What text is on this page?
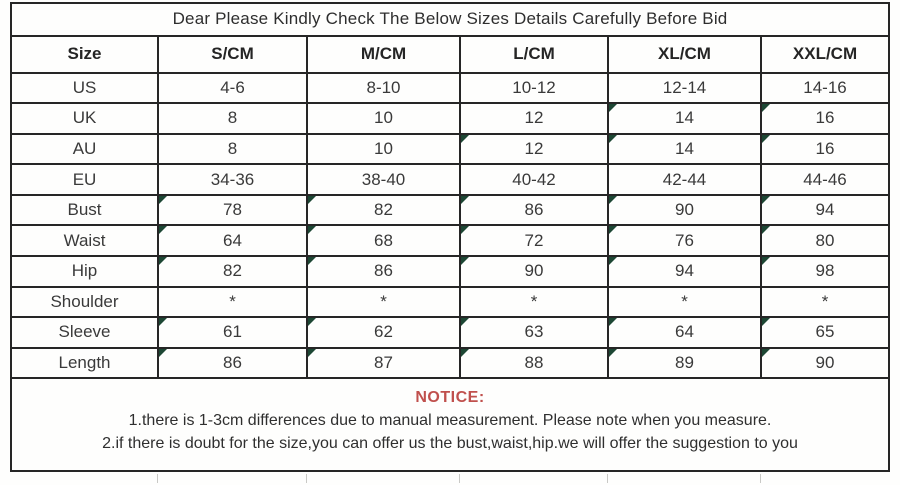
Dear Please Kindly Check The Below Sizes Details Carefully Before Bid					
Size	S/CM	M/CM	L/CM	XL/CM	XXL/CM
US	4-6	8-10	10-12	12-14	14-16
UK	8	10	12	14	16
AU	8	10	12	14	16
EU	34-36	38-40	40-42	42-44	44-46
Bust	78	82	86	90	94
Waist	64	68	72	76	80
Hip	82	86	90	94	98
Shoulder	*	*	*	*	*
Sleeve	61	62	63	64	65
Length	86	87	88	89	90

NOTICE:
1.there is 1-3cm differences due to manual measurement. Please note when you measure.
2.if there is doubt for the size,you can offer us the bust,waist,hip.we will offer the suggestion to you					
